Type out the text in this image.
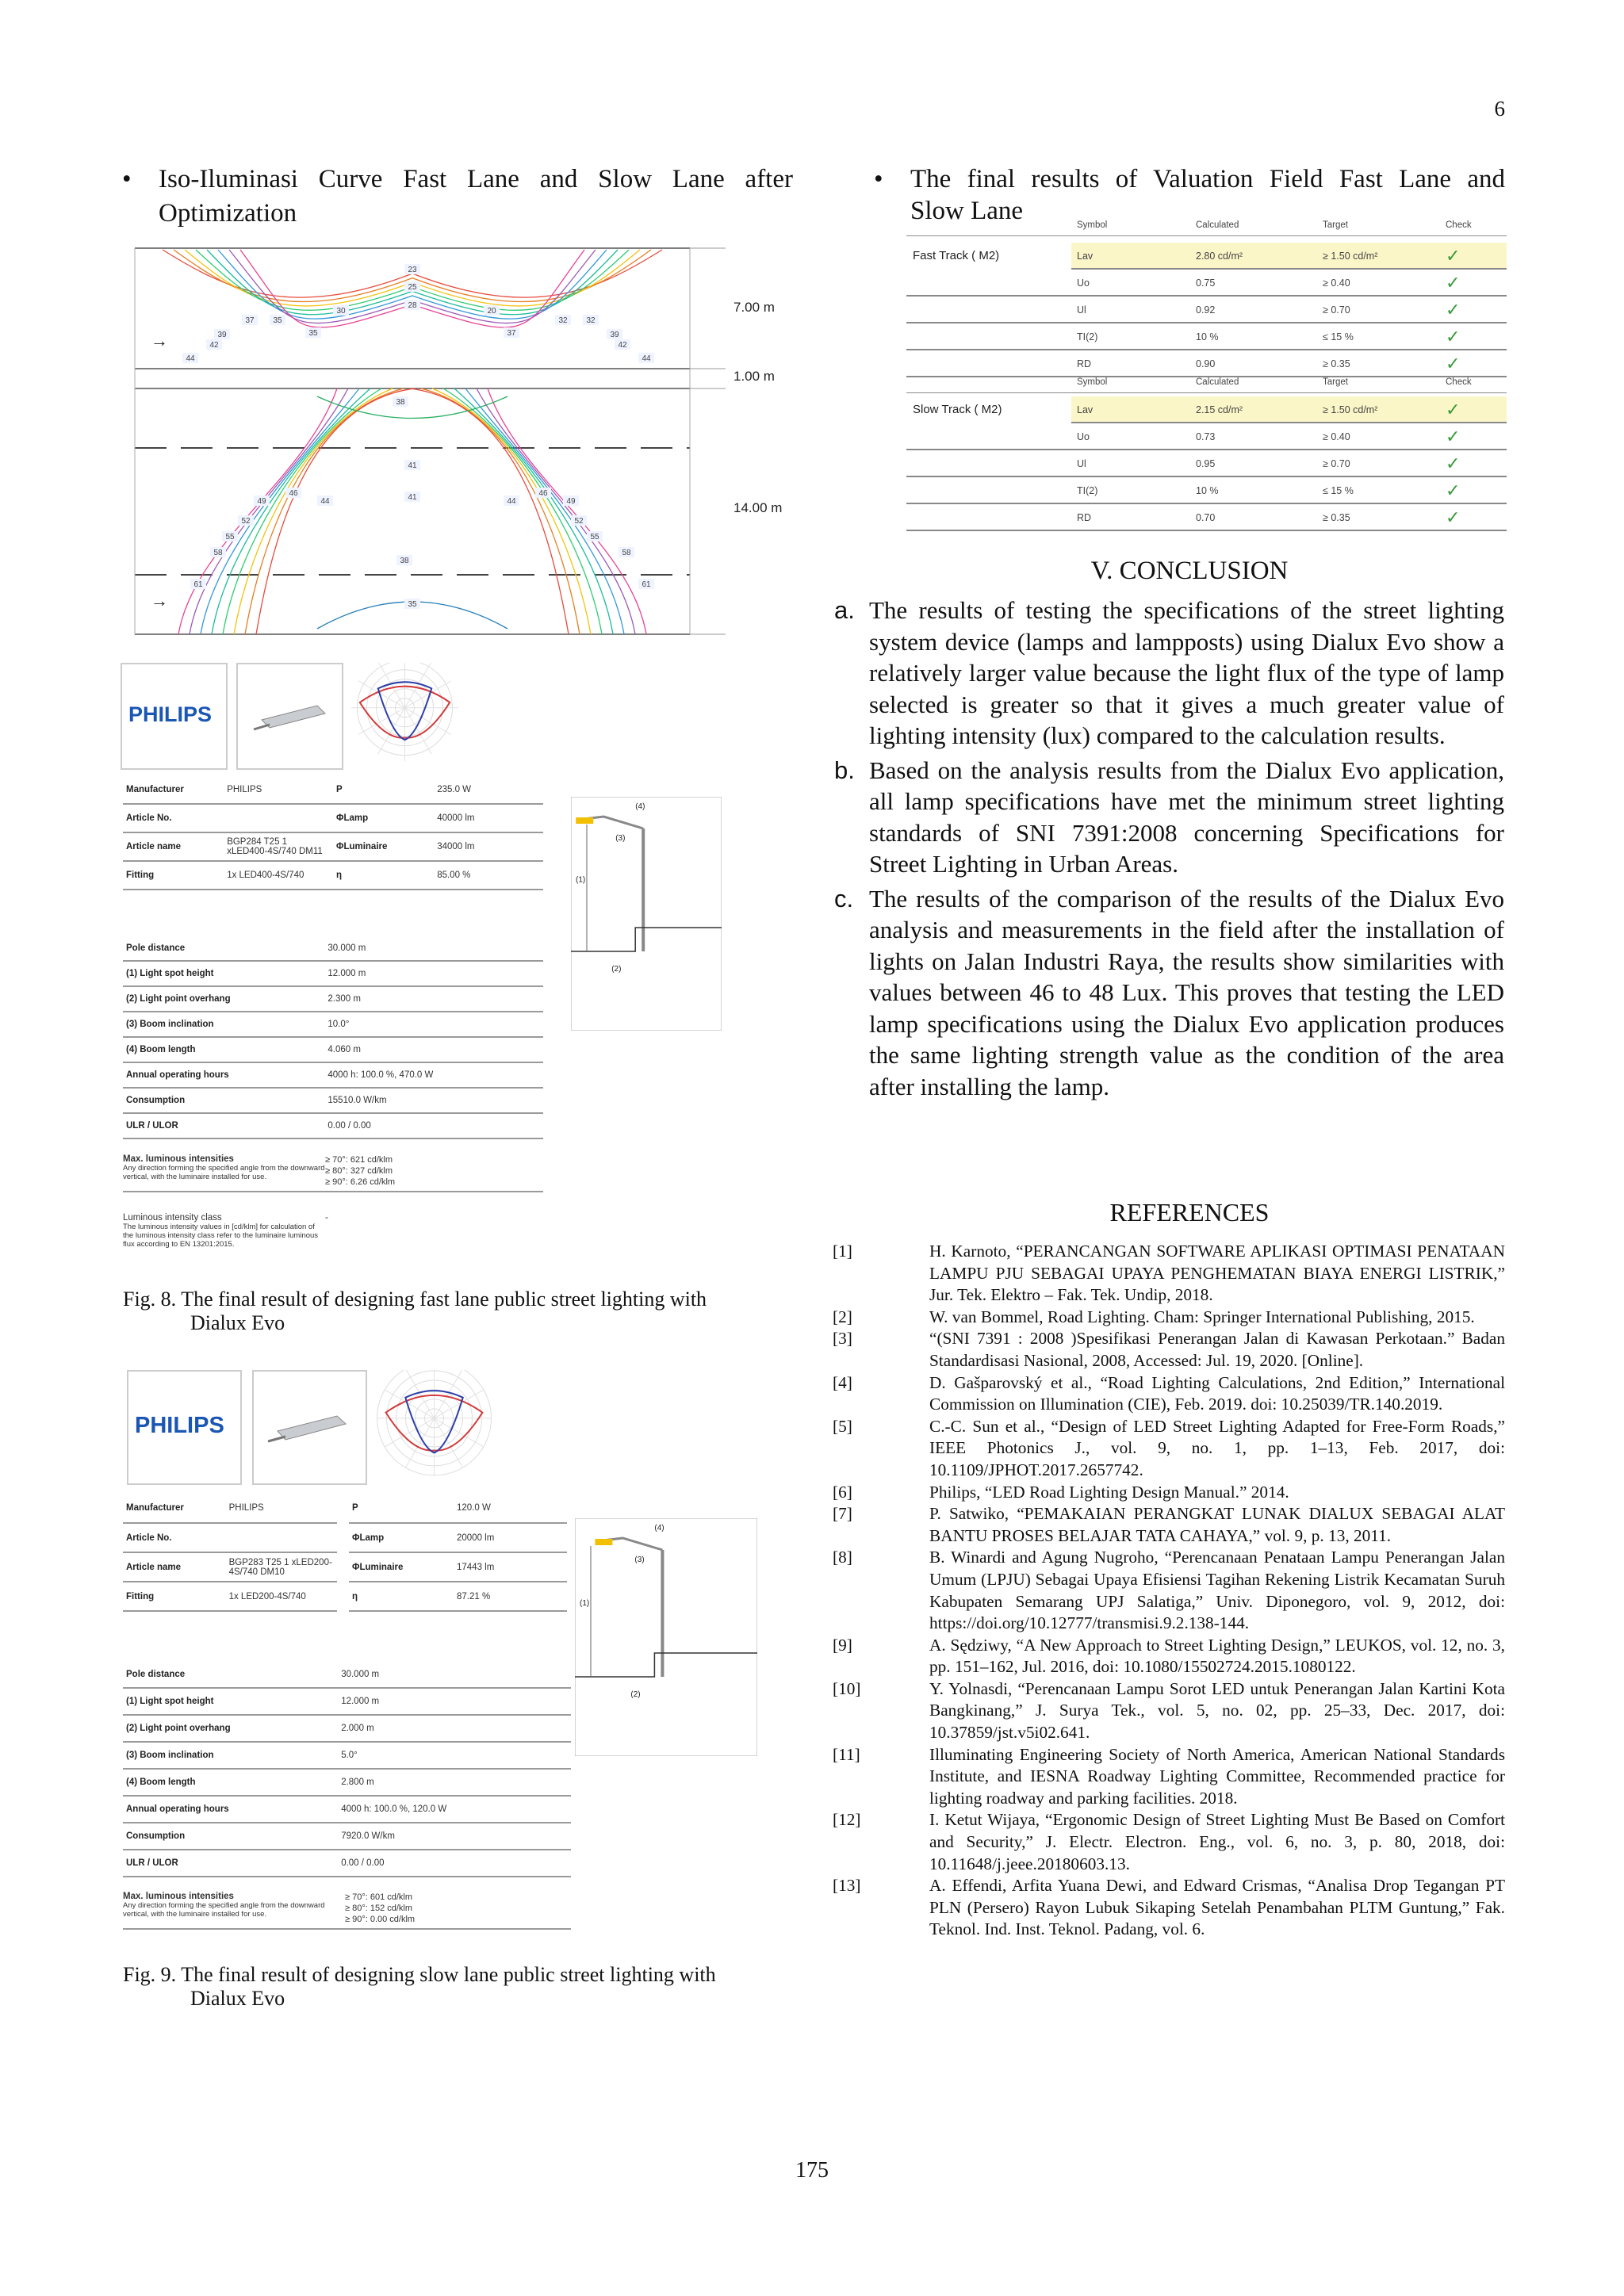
6
175
• Iso-Iluminasi Curve Fast Lane and Slow Lane after
Optimization
23
25
28
30	20
37 35	32 32
35	37
39	39
42	42
44	44
38
41
41
49
46
44	44
46
49
52	52
55	55
58	58
61	61
38
35
→
→
7.00 m
1.00 m
14.00 m
PHILIPS
Manufacturer	PHILIPS
Article No.	
Article name	BGP284 T25 1 xLED400-4S/740 DM11
Fitting	1x LED400-4S/740
P	235.0 W
ΦLamp	40000 lm
ΦLuminaire	34000 lm
η	85.00 %
Pole distance	30.000 m
(1) Light spot height	12.000 m
(2) Light point overhang	2.300 m
(3) Boom inclination	10.0°
(4) Boom length	4.060 m
Annual operating hours	4000 h: 100.0 %, 470.0 W
Consumption	15510.0 W/km
ULR / ULOR	0.00 / 0.00
Max. luminous intensities
Any direction forming the specified angle from the downward vertical, with the luminaire installed for use.
≥ 70°: 621 cd/klm
≥ 80°: 327 cd/klm
≥ 90°: 6.26 cd/klm
Luminous intensity class
The luminous intensity values in [cd/klm] for calculation of the luminous intensity class refer to the luminaire luminous flux according to EN 13201:2015.
-
(1)
(2)
(3)
(4)
Fig. 8. The final result of designing fast lane public street lighting with
Dialux Evo
PHILIPS
Manufacturer	PHILIPS
Article No.	
Article name	BGP283 T25 1 xLED200-4S/740 DM10
Fitting	1x LED200-4S/740
P	120.0 W
ΦLamp	20000 lm
ΦLuminaire	17443 lm
η	87.21 %
Pole distance	30.000 m
(1) Light spot height	12.000 m
(2) Light point overhang	2.000 m
(3) Boom inclination	5.0°
(4) Boom length	2.800 m
Annual operating hours	4000 h: 100.0 %, 120.0 W
Consumption	7920.0 W/km
ULR / ULOR	0.00 / 0.00
Max. luminous intensities
Any direction forming the specified angle from the downward vertical, with the luminaire installed for use.
≥ 70°: 601 cd/klm
≥ 80°: 152 cd/klm
≥ 90°: 0.00 cd/klm
(1)
(2)
(3)
(4)
Fig. 9. The final result of designing slow lane public street lighting with
Dialux Evo
• The final results of Valuation Field Fast Lane and
Slow Lane	Symbol	Calculated	Target	Check
Fast Track ( M2)	Lav	2.80 cd/m²	≥ 1.50 cd/m²	✓
Uo	0.75	≥ 0.40	✓
Ul	0.92	≥ 0.70	✓
TI(2)	10 %	≤ 15 %	✓
RD	0.90	≥ 0.35	✓
Symbol	Calculated	Target	Check
Slow Track ( M2)	Lav	2.15 cd/m²	≥ 1.50 cd/m²	✓
Uo	0.73	≥ 0.40	✓
Ul	0.95	≥ 0.70	✓
TI(2)	10 %	≤ 15 %	✓
RD	0.70	≥ 0.35	✓
V. CONCLUSION
a. The results of testing the specifications of the street lighting system device (lamps and lampposts) using Dialux Evo show a relatively larger value because the light flux of the type of lamp selected is greater so that it gives a much greater value of lighting intensity (lux) compared to the calculation results.
b. Based on the analysis results from the Dialux Evo application, all lamp specifications have met the minimum street lighting standards of SNI 7391:2008 concerning Specifications for Street Lighting in Urban Areas.
c. The results of the comparison of the results of the Dialux Evo analysis and measurements in the field after the installation of lights on Jalan Industri Raya, the results show similarities with values between 46 to 48 Lux. This proves that testing the LED lamp specifications using the Dialux Evo application produces the same lighting strength value as the condition of the area after installing the lamp.
REFERENCES
[1]	H. Karnoto, “PERANCANGAN SOFTWARE APLIKASI OPTIMASI PENATAAN LAMPU PJU SEBAGAI UPAYA PENGHEMATAN BIAYA ENERGI LISTRIK,” Jur. Tek. Elektro – Fak. Tek. Undip, 2018.
[2]	W. van Bommel, Road Lighting. Cham: Springer International Publishing, 2015.
[3]	“(SNI 7391 : 2008 )Spesifikasi Penerangan Jalan di Kawasan Perkotaan.” Badan Standardisasi Nasional, 2008, Accessed: Jul. 19, 2020. [Online].
[4]	D. Gašparovský et al., “Road Lighting Calculations, 2nd Edition,” International Commission on Illumination (CIE), Feb. 2019. doi: 10.25039/TR.140.2019.
[5]	C.-C. Sun et al., “Design of LED Street Lighting Adapted for Free-Form Roads,” IEEE Photonics J., vol. 9, no. 1, pp. 1–13, Feb. 2017, doi: 10.1109/JPHOT.2017.2657742.
[6]	Philips, “LED Road Lighting Design Manual.” 2014.
[7]	P. Satwiko, “PEMAKAIAN PERANGKAT LUNAK DIALUX SEBAGAI ALAT BANTU PROSES BELAJAR TATA CAHAYA,” vol. 9, p. 13, 2011.
[8]	B. Winardi and Agung Nugroho, “Perencanaan Penataan Lampu Penerangan Jalan Umum (LPJU) Sebagai Upaya Efisiensi Tagihan Rekening Listrik Kecamatan Suruh Kabupaten Semarang UPJ Salatiga,” Univ. Diponegoro, vol. 9, 2012, doi: https://doi.org/10.12777/transmisi.9.2.138-144.
[9]	A. Sędziwy, “A New Approach to Street Lighting Design,” LEUKOS, vol. 12, no. 3, pp. 151–162, Jul. 2016, doi: 10.1080/15502724.2015.1080122.
[10]	Y. Yolnasdi, “Perencanaan Lampu Sorot LED untuk Penerangan Jalan Kartini Kota Bangkinang,” J. Surya Tek., vol. 5, no. 02, pp. 25–33, Dec. 2017, doi: 10.37859/jst.v5i02.641.
[11]	Illuminating Engineering Society of North America, American National Standards Institute, and IESNA Roadway Lighting Committee, Recommended practice for lighting roadway and parking facilities. 2018.
[12]	I. Ketut Wijaya, “Ergonomic Design of Street Lighting Must Be Based on Comfort and Security,” J. Electr. Electron. Eng., vol. 6, no. 3, p. 80, 2018, doi: 10.11648/j.jeee.20180603.13.
[13]	A. Effendi, Arfita Yuana Dewi, and Edward Crismas, “Analisa Drop Tegangan PT PLN (Persero) Rayon Lubuk Sikaping Setelah Penambahan PLTM Guntung,” Fak. Teknol. Ind. Inst. Teknol. Padang, vol. 6.
